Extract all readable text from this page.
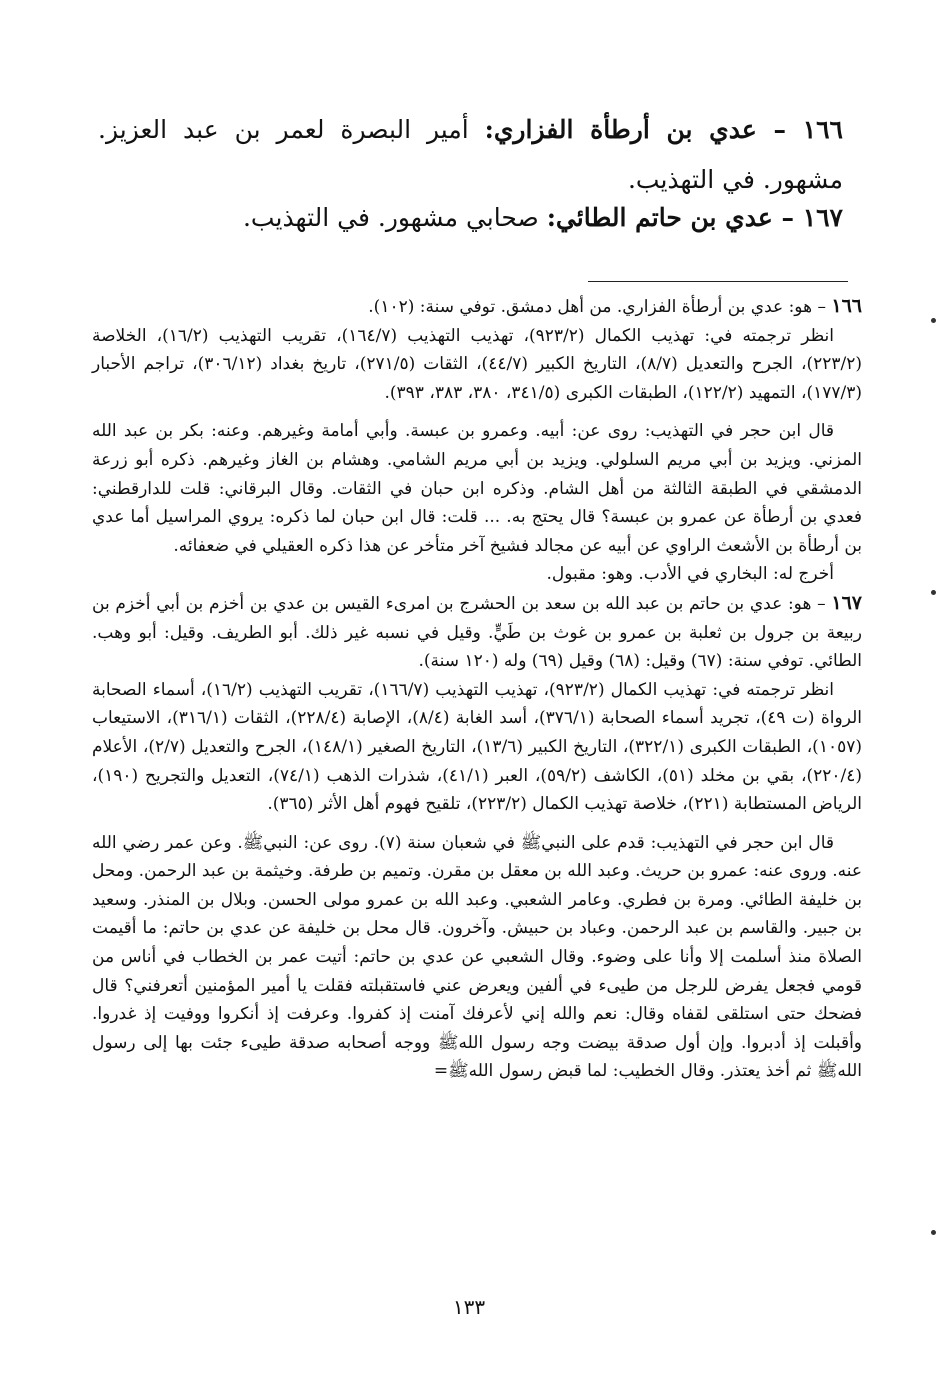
١٦٦ – عدي بن أرطأة الفزاري: أمير البصرة لعمر بن عبد العزيز. مشهور. في التهذيب.
١٦٧ – عدي بن حاتم الطائي: صحابي مشهور. في التهذيب.

١٦٦ – هو: عدي بن أرطأة الفزاري. من أهل دمشق. توفي سنة: (١٠٢).

انظر ترجمته في: تهذيب الكمال (٩٢٣/٢)، تهذيب التهذيب (١٦٤/٧)، تقريب التهذيب (١٦/٢)، الخلاصة (٢٢٣/٢)، الجرح والتعديل (٨/٧)، التاريخ الكبير (٤٤/٧)، الثقات (٢٧١/٥)، تاريخ بغداد (٣٠٦/١٢)، تراجم الأحبار (١٧٧/٣)، التمهيد (١٢٢/٢)، الطبقات الكبرى (٣٤١/٥، ٣٨٠، ٣٨٣، ٣٩٣).

قال ابن حجر في التهذيب: روى عن: أبيه. وعمرو بن عبسة. وأبي أمامة وغيرهم. وعنه: بكر بن عبد الله المزني. ويزيد بن أبي مريم السلولي. ويزيد بن أبي مريم الشامي. وهشام بن الغاز وغيرهم. ذكره أبو زرعة الدمشقي في الطبقة الثالثة من أهل الشام. وذكره ابن حبان في الثقات. وقال البرقاني: قلت للدارقطني: فعدي بن أرطأة عن عمرو بن عبسة؟ قال يحتج به. ... قلت: قال ابن حبان لما ذكره: يروي المراسيل أما عدي بن أرطأة بن الأشعث الراوي عن أبيه عن مجالد فشيخ آخر متأخر عن هذا ذكره العقيلي في ضعفائه.

أخرج له: البخاري في الأدب. وهو: مقبول.

١٦٧ – هو: عدي بن حاتم بن عبد الله بن سعد بن الحشرج بن امرىء القيس بن عدي بن أخزم بن أبي أخزم بن ربيعة بن جرول بن ثعلبة بن عمرو بن غوث بن طَيٍّ. وقيل في نسبه غير ذلك. أبو الطريف. وقيل: أبو وهب. الطائي. توفي سنة: (٦٧) وقيل: (٦٨) وقيل (٦٩) وله (١٢٠ سنة).

انظر ترجمته في: تهذيب الكمال (٩٢٣/٢)، تهذيب التهذيب (١٦٦/٧)، تقريب التهذيب (١٦/٢)، أسماء الصحابة الرواة (ت ٤٩)، تجريد أسماء الصحابة (٣٧٦/١)، أسد الغابة (٨/٤)، الإصابة (٢٢٨/٤)، الثقات (٣١٦/١)، الاستيعاب (١٠٥٧)، الطبقات الكبرى (٣٢٢/١)، التاريخ الكبير (١٣/٦)، التاريخ الصغير (١٤٨/١)، الجرح والتعديل (٢/٧)، الأعلام (٢٢٠/٤)، بقي بن مخلد (٥١)، الكاشف (٥٩/٢)، العبر (٤١/١)، شذرات الذهب (٧٤/١)، التعديل والتجريح (١٩٠)، الرياض المستطابة (٢٢١)، خلاصة تهذيب الكمال (٢٢٣/٢)، تلقيح فهوم أهل الأثر (٣٦٥).

قال ابن حجر في التهذيب: قدم على النبيﷺ في شعبان سنة (٧). روى عن: النبيﷺ. وعن عمر رضي الله عنه. وروى عنه: عمرو بن حريث. وعبد الله بن معقل بن مقرن. وتميم بن طرفة. وخيثمة بن عبد الرحمن. ومحل بن خليفة الطائي. ومرة بن فطري. وعامر الشعبي. وعبد الله بن عمرو مولى الحسن. وبلال بن المنذر. وسعيد بن جبير. والقاسم بن عبد الرحمن. وعباد بن حبيش. وآخرون. قال محل بن خليفة عن عدي بن حاتم: ما أقيمت الصلاة منذ أسلمت إلا وأنا على وضوء. وقال الشعبي عن عدي بن حاتم: أتيت عمر بن الخطاب في أناس من قومي فجعل يفرض للرجل من طيىء في ألفين ويعرض عني فاستقبلته فقلت يا أمير المؤمنين أتعرفني؟ قال فضحك حتى استلقى لقفاه وقال: نعم والله إني لأعرفك آمنت إذ كفروا. وعرفت إذ أنكروا ووفيت إذ غدروا. وأقبلت إذ أدبروا. وإن أول صدقة بيضت وجه رسول اللهﷺ ووجه أصحابه صدقة طيىء جئت بها إلى رسول اللهﷺ ثم أخذ يعتذر. وقال الخطيب: لما قبض رسول اللهﷺ=

١٣٣
